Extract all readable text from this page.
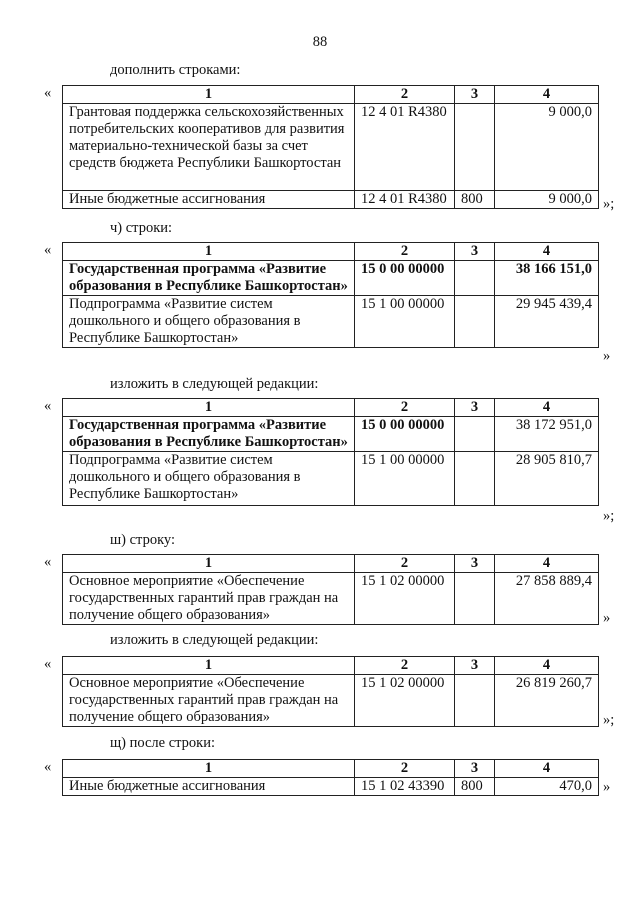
88
дополнить строками:
«	1	2	3	4
Грантовая поддержка сельскохозяйственных потребительских кооперативов для развития материально-технической базы за счет средств бюджета Республики Башкортостан	12 4 01 R4380		9 000,0
Иные бюджетные ассигнования	12 4 01 R4380	800	9 000,0 »;
ч) строки:
«	1	2	3	4
Государственная программа «Развитие образования в Республике Башкортостан»	15 0 00 00000		38 166 151,0
Подпрограмма «Развитие систем дошкольного и общего образования в Республике Башкортостан»	15 1 00 00000		29 945 439,4
»
изложить в следующей редакции:
«	1	2	3	4
Государственная программа «Развитие образования в Республике Башкортостан»	15 0 00 00000		38 172 951,0
Подпрограмма «Развитие систем дошкольного и общего образования в Республике Башкортостан»	15 1 00 00000		28 905 810,7
»;
ш) строку:
«	1	2	3	4
Основное мероприятие «Обеспечение государственных гарантий прав граждан на получение общего образования»	15 1 02 00000		27 858 889,4
»
изложить в следующей редакции:
«	1	2	3	4
Основное мероприятие «Обеспечение государственных гарантий прав граждан на получение общего образования»	15 1 02 00000		26 819 260,7
»;
щ) после строки:
«	1	2	3	4
Иные бюджетные ассигнования	15 1 02 43390	800	470,0 »
